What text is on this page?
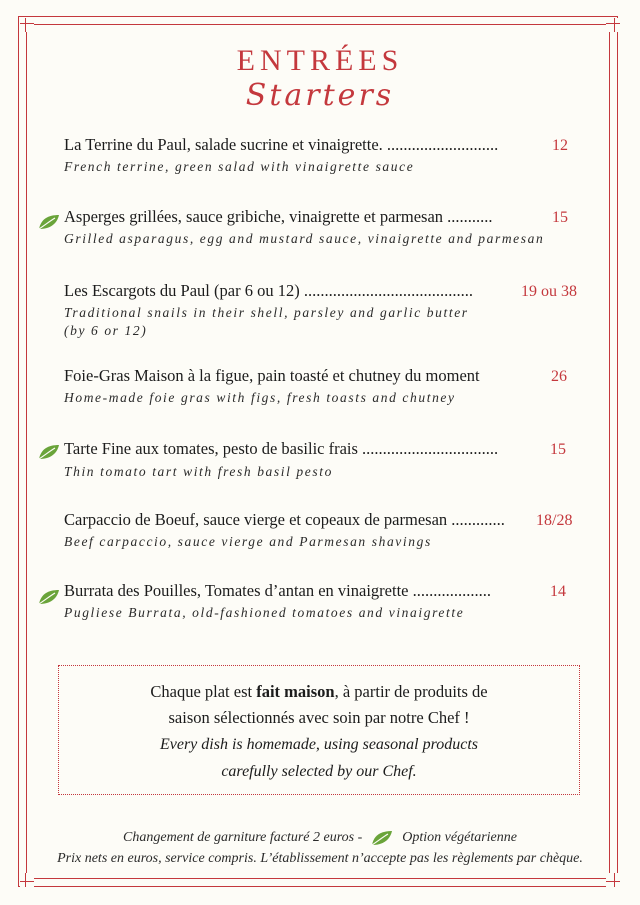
ENTRÉES
Starters
La Terrine du Paul, salade sucrine et vinaigrette. ...........................	12
French terrine, green salad with vinaigrette sauce
Asperges grillées, sauce gribiche, vinaigrette et parmesan ...........	15
Grilled asparagus, egg and mustard sauce, vinaigrette and parmesan
Les Escargots du Paul (par 6 ou 12) .........................................	19 ou 38
Traditional snails in their shell, parsley and garlic butter
(by 6 or 12)
Foie-Gras Maison à la figue, pain toasté et chutney du moment	26
Home-made foie gras with figs, fresh toasts and chutney
Tarte Fine aux tomates, pesto de basilic frais .................................	15
Thin tomato tart with fresh basil pesto
Carpaccio de Boeuf, sauce vierge et copeaux de parmesan ............. 18/28
Beef carpaccio, sauce vierge and Parmesan shavings
Burrata des Pouilles, Tomates d’antan en vinaigrette ...................	14
Pugliese Burrata, old-fashioned tomatoes and vinaigrette
Chaque plat est fait maison, à partir de produits de
saison sélectionnés avec soin par notre Chef !
Every dish is homemade, using seasonal products
carefully selected by our Chef.
Changement de garniture facturé 2 euros -	Option végétarienne
Prix nets en euros, service compris. L’établissement n’accepte pas les règlements par chèque.
